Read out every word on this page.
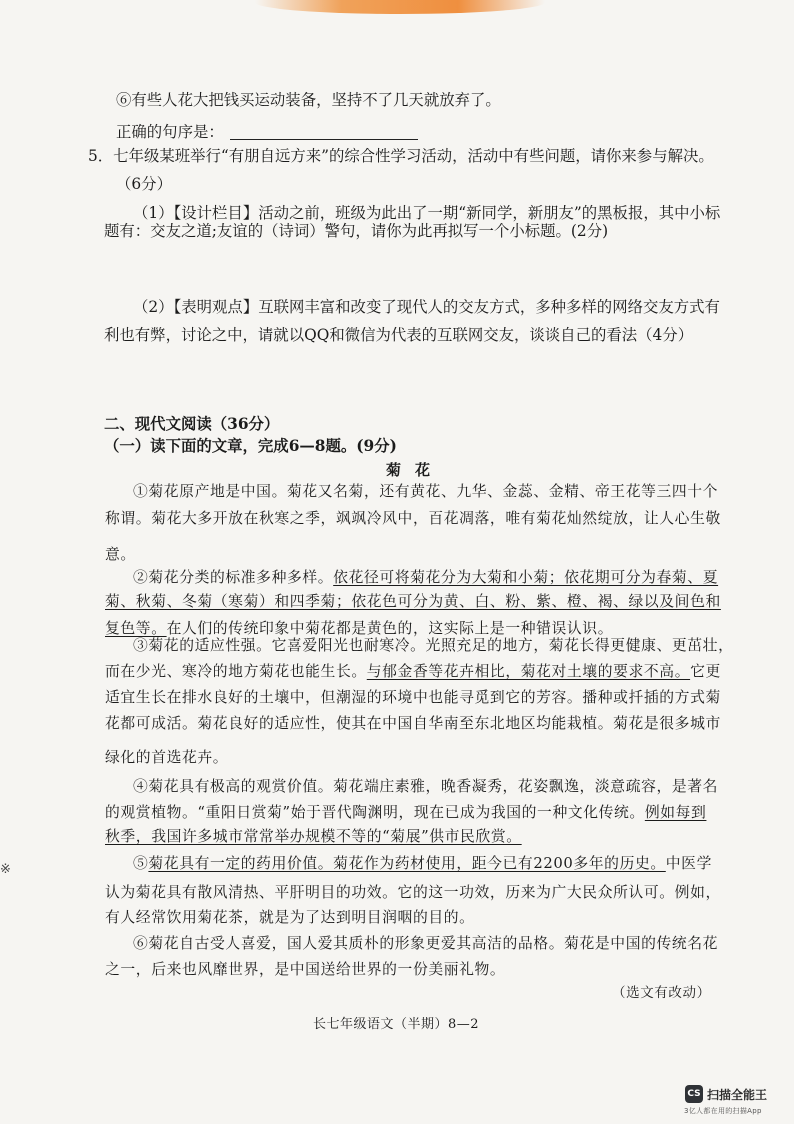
⑥有些人花大把钱买运动装备，坚持不了几天就放弃了。
正确的句序是：
5．七年级某班举行“有朋自远方来”的综合性学习活动，活动中有些问题，请你来参与解决。
（6分）
（1）【设计栏目】活动之前，班级为此出了一期“新同学，新朋友”的黑板报，其中小标
题有：交友之道;友谊的（诗词）警句，请你为此再拟写一个小标题。(2分)
（2）【表明观点】互联网丰富和改变了现代人的交友方式，多种多样的网络交友方式有
利也有弊，讨论之中，请就以QQ和微信为代表的互联网交友，谈谈自己的看法（4分）
二、现代文阅读（36分）
（一）读下面的文章，完成6—8题。(9分)
菊花
①菊花原产地是中国。菊花又名菊，还有黄花、九华、金蕊、金精、帝王花等三四十个
称谓。菊花大多开放在秋寒之季，飒飒冷风中，百花凋落，唯有菊花灿然绽放，让人心生敬
意。
②菊花分类的标准多种多样。依花径可将菊花分为大菊和小菊；依花期可分为春菊、夏
菊、秋菊、冬菊（寒菊）和四季菊；依花色可分为黄、白、粉、紫、橙、褐、绿以及间色和
复色等。在人们的传统印象中菊花都是黄色的，这实际上是一种错误认识。
③菊花的适应性强。它喜爱阳光也耐寒冷。光照充足的地方，菊花长得更健康、更茁壮，
而在少光、寒冷的地方菊花也能生长。与郁金香等花卉相比，菊花对土壤的要求不高。它更
适宜生长在排水良好的土壤中，但潮湿的环境中也能寻觅到它的芳容。播种或扦插的方式菊
花都可成活。菊花良好的适应性，使其在中国自华南至东北地区均能栽植。菊花是很多城市
绿化的首选花卉。
④菊花具有极高的观赏价值。菊花端庄素雅，晚香凝秀，花姿飘逸，淡意疏容，是著名
的观赏植物。“重阳日赏菊”始于晋代陶渊明，现在已成为我国的一种文化传统。例如每到
秋季，我国许多城市常常举办规模不等的“菊展”供市民欣赏。
⑤菊花具有一定的药用价值。菊花作为药材使用，距今已有2200多年的历史。中医学
认为菊花具有散风清热、平肝明目的功效。它的这一功效，历来为广大民众所认可。例如，
有人经常饮用菊花茶，就是为了达到明目润咽的目的。
⑥菊花自古受人喜爱，国人爱其质朴的形象更爱其高洁的品格。菊花是中国的传统名花
之一，后来也风靡世界，是中国送给世界的一份美丽礼物。
（选文有改动）
※
长七年级语文（半期）8—2
CS 扫描全能王
3亿人都在用的扫描App
